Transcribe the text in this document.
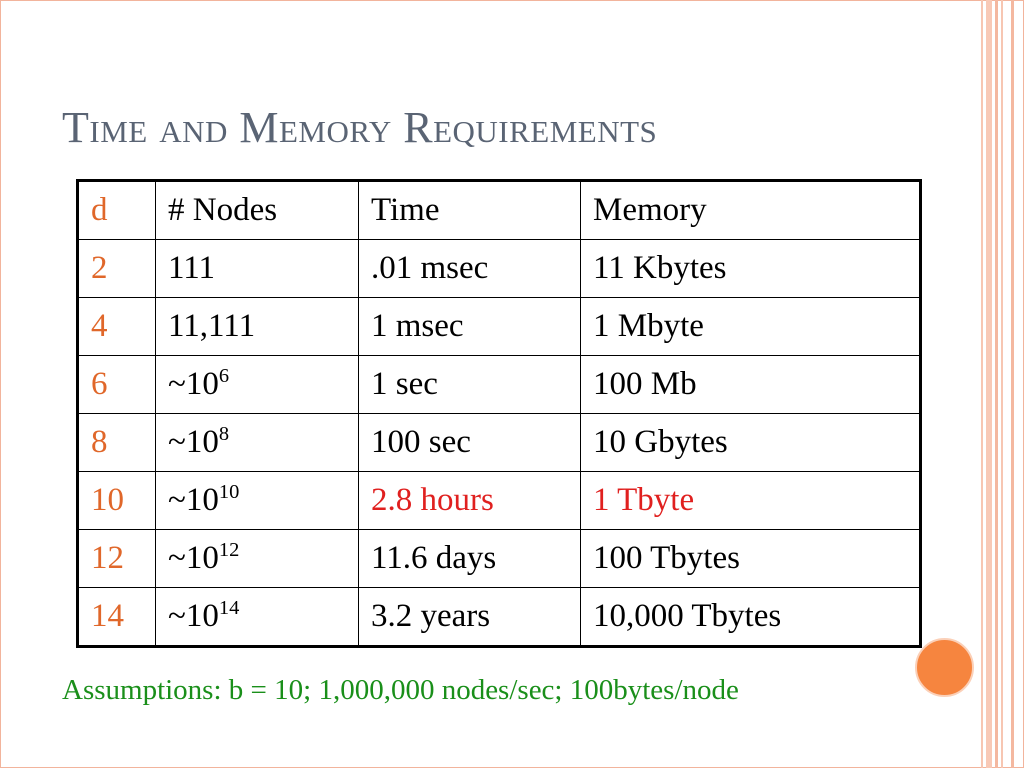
Time and Memory Requirements
d	# Nodes	Time	Memory
2	111	.01 msec	11 Kbytes
4	11,111	1 msec	1 Mbyte
6	$\sim 10^6$	1 sec	100 Mb
8	$\sim 10^8$	100 sec	10 Gbytes
10	$\sim 10^{10}$	2.8 hours	1 Tbyte
12	$\sim 10^{12}$	11.6 days	100 Tbytes
14	$\sim 10^{14}$	3.2 years	10,000 Tbytes
Assumptions: b = 10; 1,000,000 nodes/sec; 100bytes/node
